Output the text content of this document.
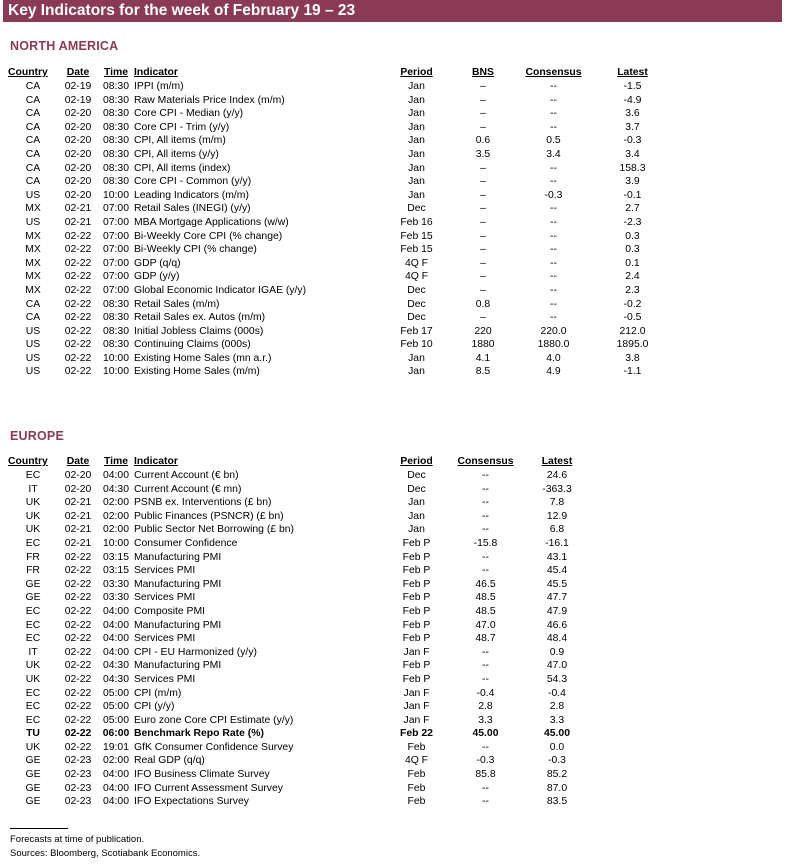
Key Indicators for the week of February 19 – 23
NORTH AMERICA
Country	Date	Time	Indicator	Period	BNS	Consensus	Latest
CA	02-19	08:30	IPPI (m/m)	Jan	–	--	-1.5
CA	02-19	08:30	Raw Materials Price Index (m/m)	Jan	–	--	-4.9
CA	02-20	08:30	Core CPI - Median (y/y)	Jan	–	--	3.6
CA	02-20	08:30	Core CPI - Trim (y/y)	Jan	–	--	3.7
CA	02-20	08:30	CPI, All items (m/m)	Jan	0.6	0.5	-0.3
CA	02-20	08:30	CPI, All items (y/y)	Jan	3.5	3.4	3.4
CA	02-20	08:30	CPI, All items (index)	Jan	–	--	158.3
CA	02-20	08:30	Core CPI - Common (y/y)	Jan	–	--	3.9
US	02-20	10:00	Leading Indicators (m/m)	Jan	–	-0.3	-0.1
MX	02-21	07:00	Retail Sales (INEGI) (y/y)	Dec	–	--	2.7
US	02-21	07:00	MBA Mortgage Applications (w/w)	Feb 16	–	--	-2.3
MX	02-22	07:00	Bi-Weekly Core CPI (% change)	Feb 15	–	--	0.3
MX	02-22	07:00	Bi-Weekly CPI (% change)	Feb 15	–	--	0.3
MX	02-22	07:00	GDP (q/q)	4Q F	–	--	0.1
MX	02-22	07:00	GDP (y/y)	4Q F	–	--	2.4
MX	02-22	07:00	Global Economic Indicator IGAE (y/y)	Dec	–	--	2.3
CA	02-22	08:30	Retail Sales (m/m)	Dec	0.8	--	-0.2
CA	02-22	08:30	Retail Sales ex. Autos (m/m)	Dec	–	--	-0.5
US	02-22	08:30	Initial Jobless Claims (000s)	Feb 17	220	220.0	212.0
US	02-22	08:30	Continuing Claims (000s)	Feb 10	1880	1880.0	1895.0
US	02-22	10:00	Existing Home Sales (mn a.r.)	Jan	4.1	4.0	3.8
US	02-22	10:00	Existing Home Sales (m/m)	Jan	8.5	4.9	-1.1
EUROPE
Country	Date	Time	Indicator	Period	Consensus	Latest
EC	02-20	04:00	Current Account (€ bn)	Dec	--	24.6
IT	02-20	04:30	Current Account (€ mn)	Dec	--	-363.3
UK	02-21	02:00	PSNB ex. Interventions (£ bn)	Jan	--	7.8
UK	02-21	02:00	Public Finances (PSNCR) (£ bn)	Jan	--	12.9
UK	02-21	02:00	Public Sector Net Borrowing (£ bn)	Jan	--	6.8
EC	02-21	10:00	Consumer Confidence	Feb P	-15.8	-16.1
FR	02-22	03:15	Manufacturing PMI	Feb P	--	43.1
FR	02-22	03:15	Services PMI	Feb P	--	45.4
GE	02-22	03:30	Manufacturing PMI	Feb P	46.5	45.5
GE	02-22	03:30	Services PMI	Feb P	48.5	47.7
EC	02-22	04:00	Composite PMI	Feb P	48.5	47.9
EC	02-22	04:00	Manufacturing PMI	Feb P	47.0	46.6
EC	02-22	04:00	Services PMI	Feb P	48.7	48.4
IT	02-22	04:00	CPI - EU Harmonized (y/y)	Jan F	--	0.9
UK	02-22	04:30	Manufacturing PMI	Feb P	--	47.0
UK	02-22	04:30	Services PMI	Feb P	--	54.3
EC	02-22	05:00	CPI (m/m)	Jan F	-0.4	-0.4
EC	02-22	05:00	CPI (y/y)	Jan F	2.8	2.8
EC	02-22	05:00	Euro zone Core CPI Estimate (y/y)	Jan F	3.3	3.3
TU	02-22	06:00	Benchmark Repo Rate (%)	Feb 22	45.00	45.00
UK	02-22	19:01	GfK Consumer Confidence Survey	Feb	--	0.0
GE	02-23	02:00	Real GDP (q/q)	4Q F	-0.3	-0.3
GE	02-23	04:00	IFO Business Climate Survey	Feb	85.8	85.2
GE	02-23	04:00	IFO Current Assessment Survey	Feb	--	87.0
GE	02-23	04:00	IFO Expectations Survey	Feb	--	83.5
Forecasts at time of publication.
Sources: Bloomberg, Scotiabank Economics.
